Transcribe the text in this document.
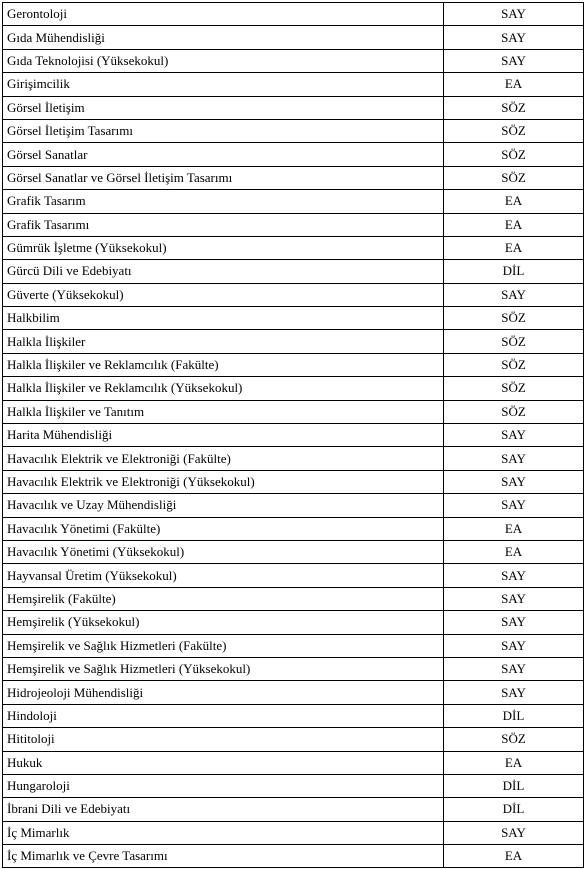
Gerontoloji	SAY
Gıda Mühendisliği	SAY
Gıda Teknolojisi (Yüksekokul)	SAY
Girişimcilik	EA
Görsel İletişim	SÖZ
Görsel İletişim Tasarımı	SÖZ
Görsel Sanatlar	SÖZ
Görsel Sanatlar ve Görsel İletişim Tasarımı	SÖZ
Grafik Tasarım	EA
Grafik Tasarımı	EA
Gümrük İşletme (Yüksekokul)	EA
Gürcü Dili ve Edebiyatı	DİL
Güverte (Yüksekokul)	SAY
Halkbilim	SÖZ
Halkla İlişkiler	SÖZ
Halkla İlişkiler ve Reklamcılık (Fakülte)	SÖZ
Halkla İlişkiler ve Reklamcılık (Yüksekokul)	SÖZ
Halkla İlişkiler ve Tanıtım	SÖZ
Harita Mühendisliği	SAY
Havacılık Elektrik ve Elektroniği (Fakülte)	SAY
Havacılık Elektrik ve Elektroniği (Yüksekokul)	SAY
Havacılık ve Uzay Mühendisliği	SAY
Havacılık Yönetimi (Fakülte)	EA
Havacılık Yönetimi (Yüksekokul)	EA
Hayvansal Üretim (Yüksekokul)	SAY
Hemşirelik (Fakülte)	SAY
Hemşirelik (Yüksekokul)	SAY
Hemşirelik ve Sağlık Hizmetleri (Fakülte)	SAY
Hemşirelik ve Sağlık Hizmetleri (Yüksekokul)	SAY
Hidrojeoloji Mühendisliği	SAY
Hindoloji	DİL
Hititoloji	SÖZ
Hukuk	EA
Hungaroloji	DİL
İbrani Dili ve Edebiyatı	DİL
İç Mimarlık	SAY
İç Mimarlık ve Çevre Tasarımı	EA
